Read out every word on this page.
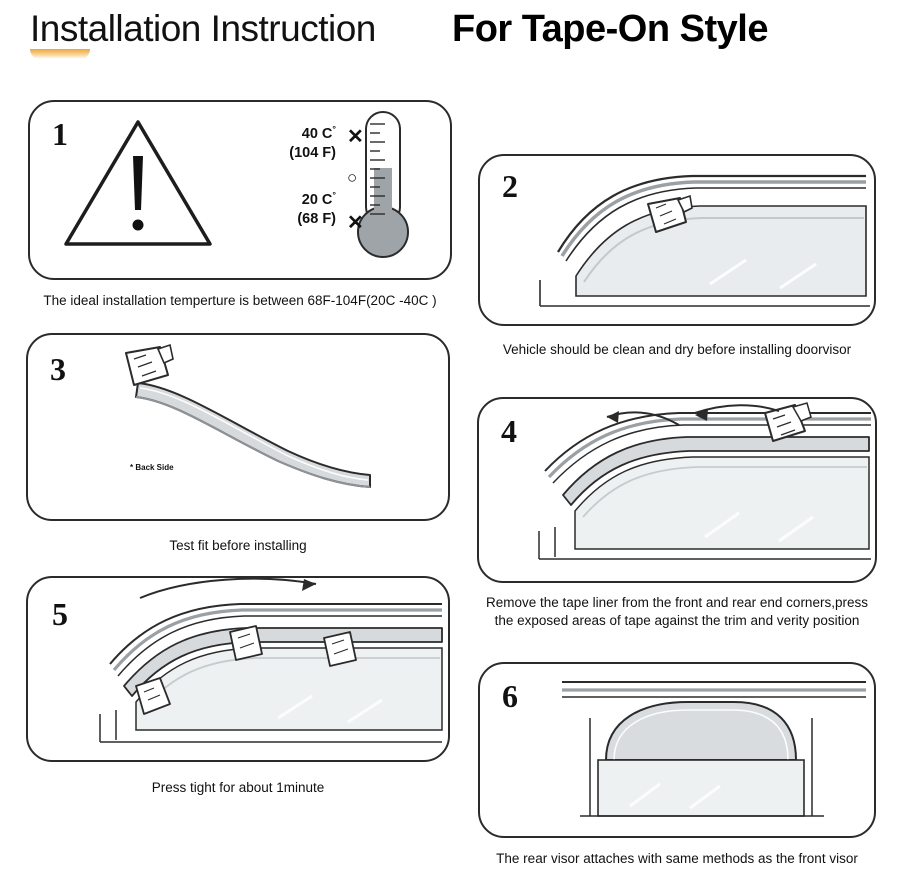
Installation Instruction For Tape-On Style
1	40 C°
(104 F)
20 C°
(68 F)
✕
○
✕
The ideal installation temperture is between 68F-104F(20C -40C )
2
Vehicle should be clean and dry before installing doorvisor
3
* Back Side
Test fit before installing
4
Remove the tape liner from the front and rear end corners,press the exposed areas of tape against the trim and verity position
5
Press tight for about 1minute
6
The rear visor attaches with same methods as the front visor
